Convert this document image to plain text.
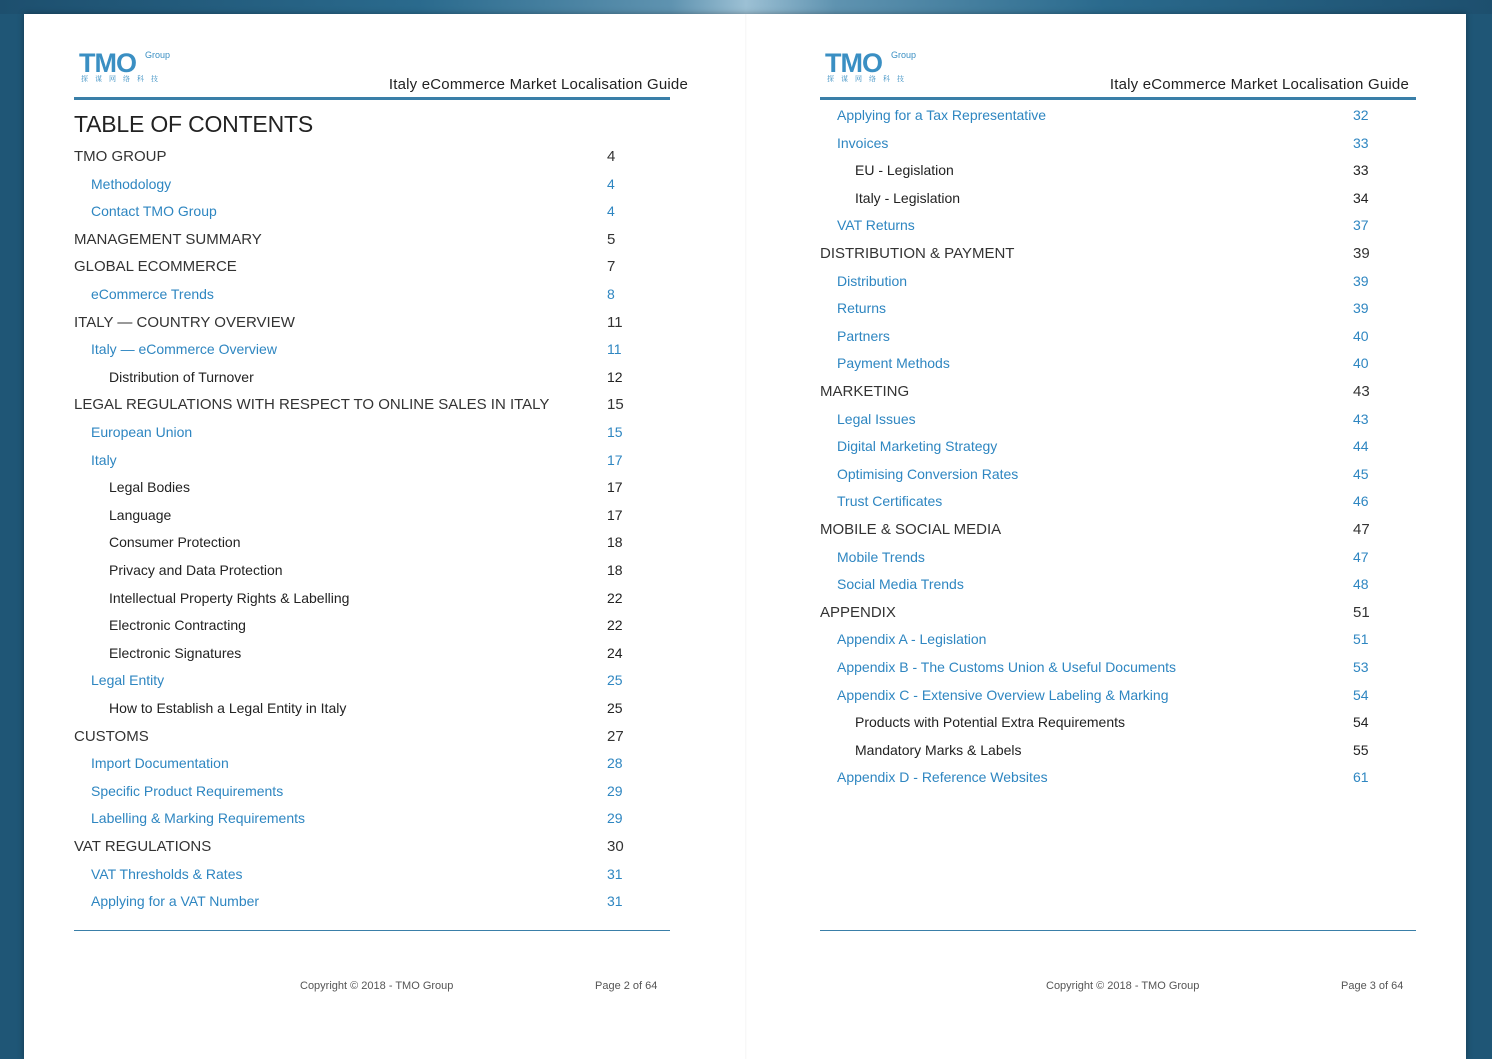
TMO Group
探谋网络科技	Italy eCommerce Market Localisation Guide
TABLE OF CONTENTS
TMO GROUP	4
Methodology	4
Contact TMO Group	4
MANAGEMENT SUMMARY	5
GLOBAL ECOMMERCE	7
eCommerce Trends	8
ITALY — COUNTRY OVERVIEW	11
Italy — eCommerce Overview	11
Distribution of Turnover	12
LEGAL REGULATIONS WITH RESPECT TO ONLINE SALES IN ITALY	15
European Union	15
Italy	17
Legal Bodies	17
Language	17
Consumer Protection	18
Privacy and Data Protection	18
Intellectual Property Rights & Labelling	22
Electronic Contracting	22
Electronic Signatures	24
Legal Entity	25
How to Establish a Legal Entity in Italy	25
CUSTOMS	27
Import Documentation	28
Specific Product Requirements	29
Labelling & Marking Requirements	29
VAT REGULATIONS	30
VAT Thresholds & Rates	31
Applying for a VAT Number	31
Copyright © 2018 - TMO Group	Page 2 of 64
TMO Group
探谋网络科技	Italy eCommerce Market Localisation Guide
Applying for a Tax Representative	32
Invoices	33
EU - Legislation	33
Italy - Legislation	34
VAT Returns	37
DISTRIBUTION & PAYMENT	39
Distribution	39
Returns	39
Partners	40
Payment Methods	40
MARKETING	43
Legal Issues	43
Digital Marketing Strategy	44
Optimising Conversion Rates	45
Trust Certificates	46
MOBILE & SOCIAL MEDIA	47
Mobile Trends	47
Social Media Trends	48
APPENDIX	51
Appendix A - Legislation	51
Appendix B - The Customs Union & Useful Documents	53
Appendix C - Extensive Overview Labeling & Marking	54
Products with Potential Extra Requirements	54
Mandatory Marks & Labels	55
Appendix D - Reference Websites	61
Copyright © 2018 - TMO Group	Page 3 of 64
